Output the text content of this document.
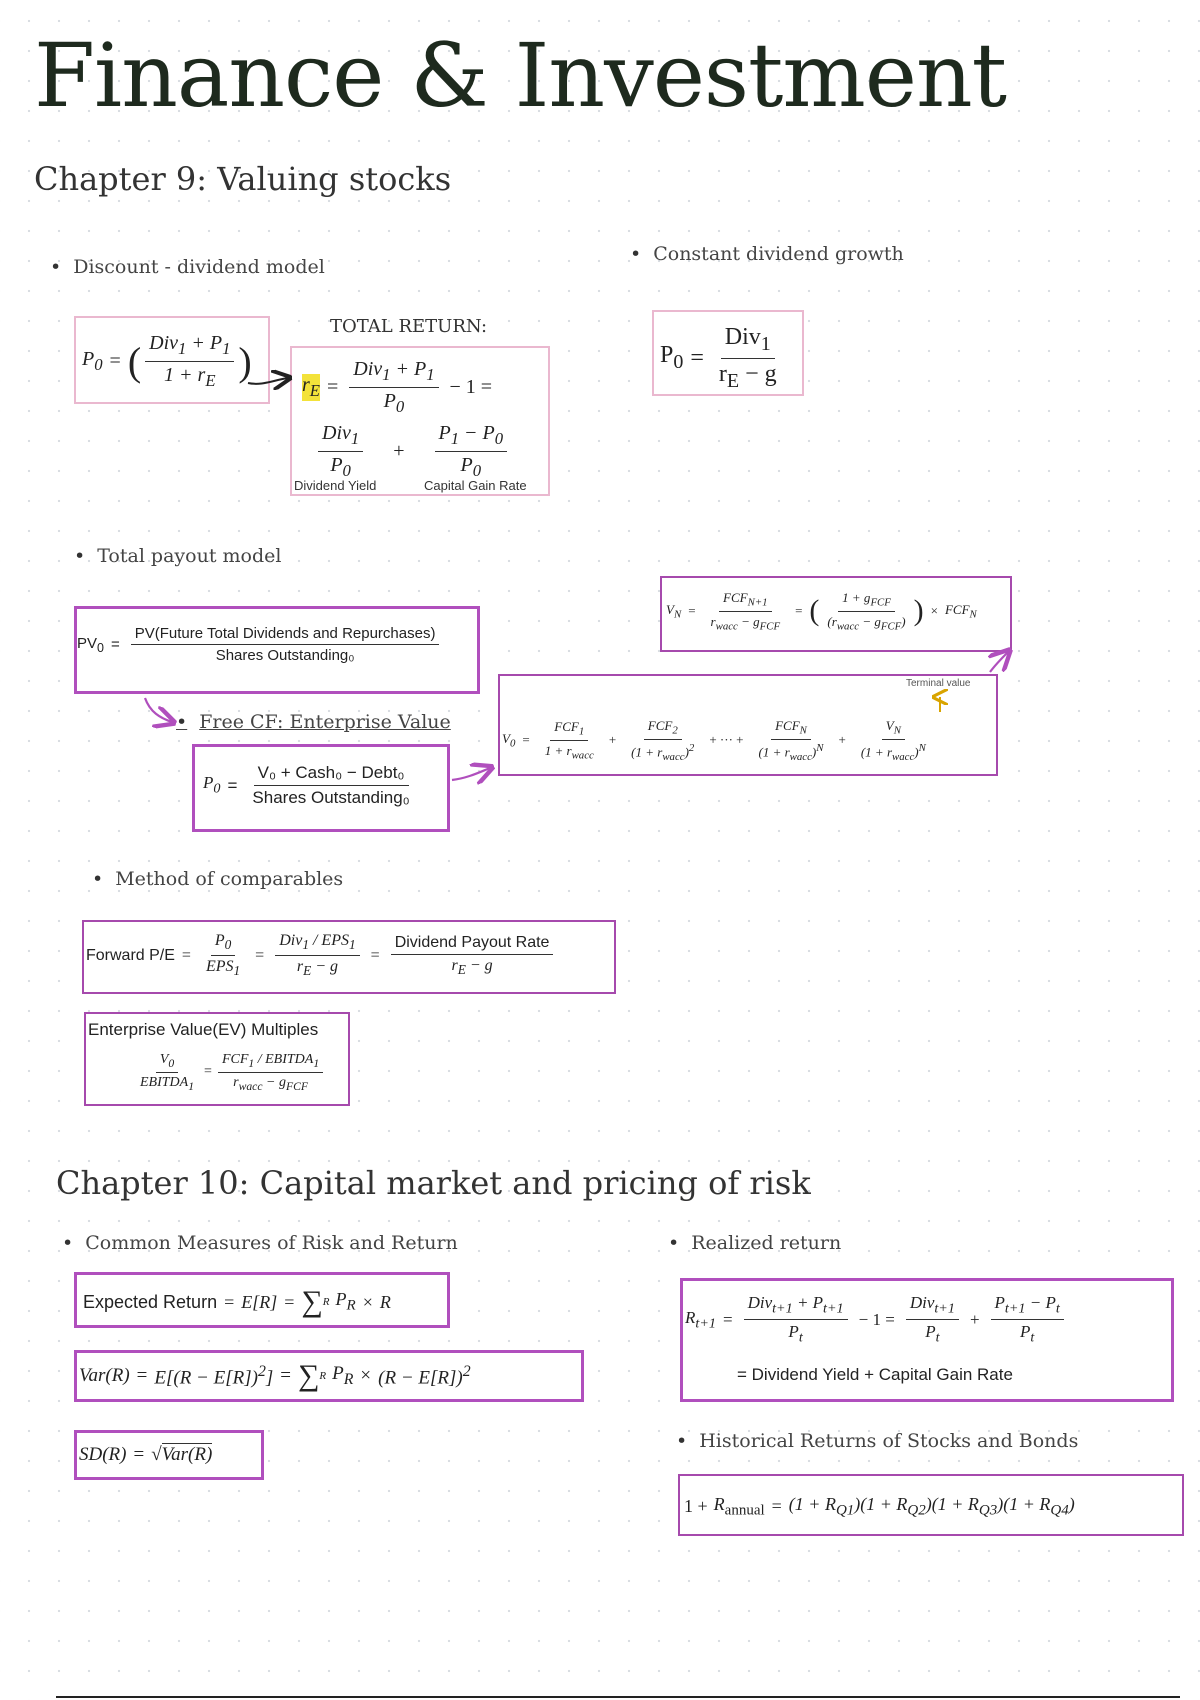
Finance & Investment
Chapter 9: Valuing stocks
• Discount - dividend model
• Constant dividend growth
$P_0$ = ( $\frac{Div_1 + P_1}{1 + r_E}$ )
TOTAL RETURN:
$r_E = \frac{Div_1 + P_1}{P_0} - 1$ =
$\frac{Div_1}{P_0} + \frac{P_1 - P_0}{P_0}$
Dividend Yield	Capital Gain Rate
$P_0 = \frac{Div_1}{r_E - g}$
• Total payout model
$PV_0 = \frac{\text{PV(Future Total Dividends and Repurchases)}}{\text{Shares Outstanding₀}}$
• Free CF: Enterprise Value
$P_0 = \frac{\text{V₀ + Cash₀ − Debt₀}}{\text{Shares Outstanding₀}}$
$V_N = \frac{FCF_{N+1}}{r_{wacc} - g_{FCF}}$ = ( $\frac{1 + g_{FCF}}{(r_{wacc} - g_{FCF})}$ ) × $FCF_N$
Terminal value
$V_0 = \frac{FCF_1}{1 + r_{wacc}} + \frac{FCF_2}{(1 + r_{wacc})^2}$ + ··· + $\frac{FCF_N}{(1 + r_{wacc})^N} + \frac{V_N}{(1 + r_{wacc})^N}$
• Method of comparables
Forward $P/E = \frac{P_0}{EPS_1} = \frac{Div_1 / EPS_1}{r_E - g} = \frac{\text{Dividend Payout Rate}}{r_E - g}$
Enterprise Value(EV) Multiples
$\frac{V_0}{EBITDA_1} = \frac{FCF_1 / EBITDA_1}{r_{wacc} - g_{FCF}}$
Chapter 10: Capital market and pricing of risk
• Common Measures of Risk and Return
•	Realized return
Expected Return = E[R] = ∑ R $P_R \times R$
$Var(R) = E[(R - E[R])^2]$ = ∑ R $P_R \times (R - E[R])^2$
SD(R) = √ Var(R)
$R_{t+1} = \frac{Div_{t+1} + P_{t+1}}{P_t} - 1 = \frac{Div_{t+1}}{P_t} + \frac{P_{t+1} - P_t}{P_t}$
= Dividend Yield + Capital Gain Rate
• Historical Returns of Stocks and Bonds
$1 + R_{annual} = (1 + R_{Q1})(1 + R_{Q2})(1 + R_{Q3})(1 + R_{Q4})$
